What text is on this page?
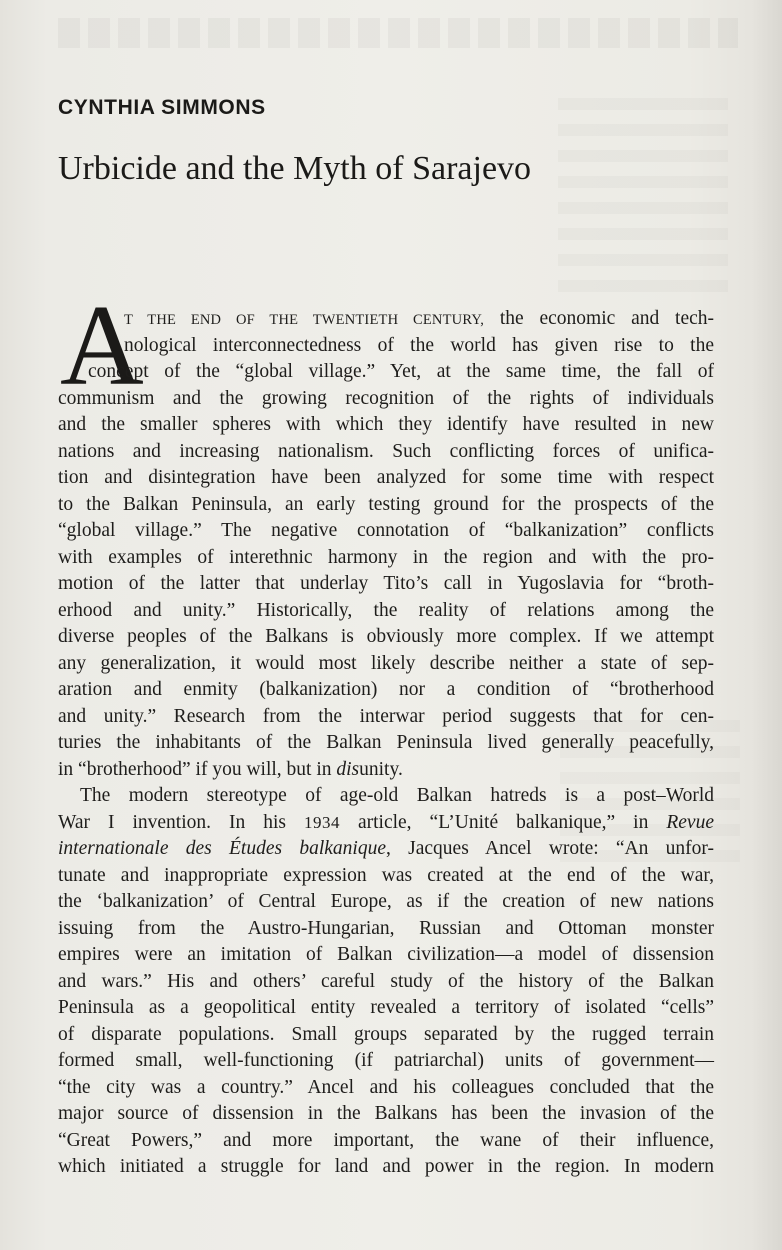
CYNTHIA SIMMONS
Urbicide and the Myth of Sarajevo
A
T THE END OF THE TWENTIETH CENTURY, the economic and tech-
nological interconnectedness of the world has given rise to the
concept of the “global village.” Yet, at the same time, the fall of
communism and the growing recognition of the rights of individuals
and the smaller spheres with which they identify have resulted in new
nations and increasing nationalism. Such conflicting forces of unifica-
tion and disintegration have been analyzed for some time with respect
to the Balkan Peninsula, an early testing ground for the prospects of the
“global village.” The negative connotation of “balkanization” conflicts
with examples of interethnic harmony in the region and with the pro-
motion of the latter that underlay Tito’s call in Yugoslavia for “broth-
erhood and unity.” Historically, the reality of relations among the
diverse peoples of the Balkans is obviously more complex. If we attempt
any generalization, it would most likely describe neither a state of sep-
aration and enmity (balkanization) nor a condition of “brotherhood
and unity.” Research from the interwar period suggests that for cen-
turies the inhabitants of the Balkan Peninsula lived generally peacefully,
in “brotherhood” if you will, but in disunity.
The modern stereotype of age-old Balkan hatreds is a post–World
War I invention. In his 1934 article, “L’Unité balkanique,” in Revue
internationale des Études balkanique, Jacques Ancel wrote: “An unfor-
tunate and inappropriate expression was created at the end of the war,
the ‘balkanization’ of Central Europe, as if the creation of new nations
issuing from the Austro-Hungarian, Russian and Ottoman monster
empires were an imitation of Balkan civilization—a model of dissension
and wars.” His and others’ careful study of the history of the Balkan
Peninsula as a geopolitical entity revealed a territory of isolated “cells”
of disparate populations. Small groups separated by the rugged terrain
formed small, well-functioning (if patriarchal) units of government—
“the city was a country.” Ancel and his colleagues concluded that the
major source of dissension in the Balkans has been the invasion of the
“Great Powers,” and more important, the wane of their influence,
which initiated a struggle for land and power in the region. In modern
